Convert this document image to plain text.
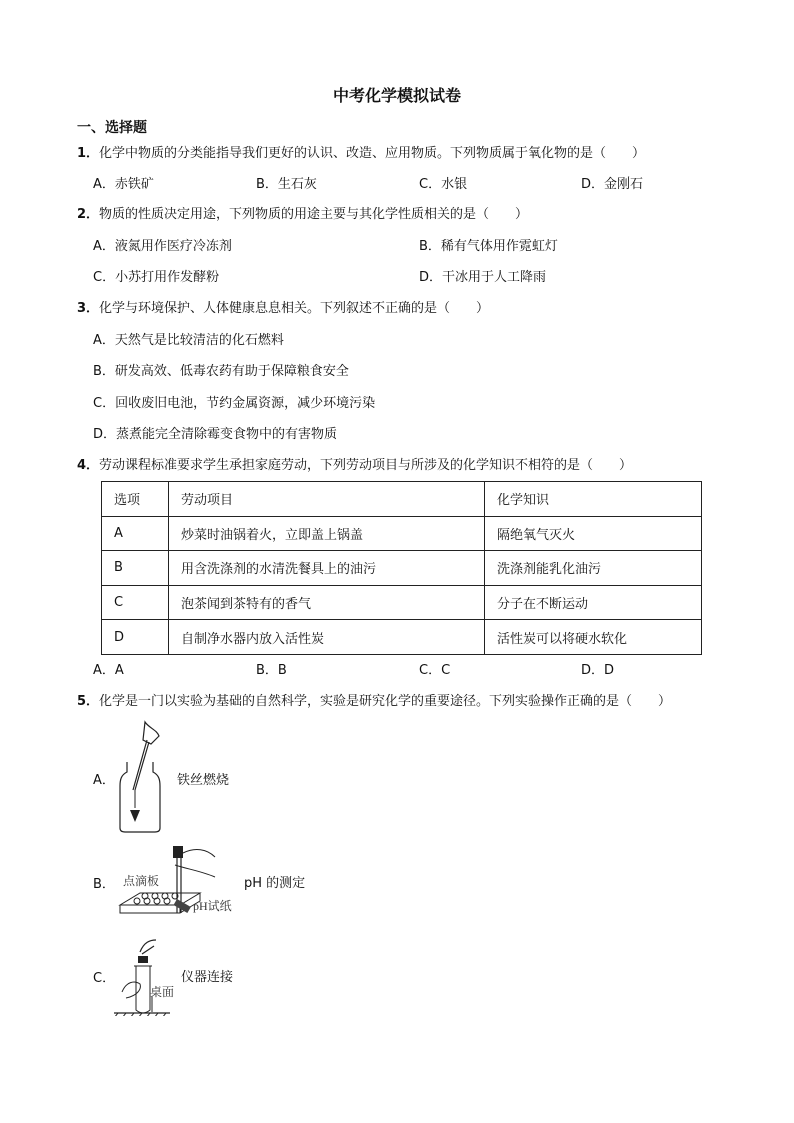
中考化学模拟试卷
一、选择题
1．化学中物质的分类能指导我们更好的认识、改造、应用物质。下列物质属于氧化物的是（　　）
A．赤铁矿	B．生石灰	C．水银	D．金刚石
2．物质的性质决定用途，下列物质的用途主要与其化学性质相关的是（　　）
A．液氮用作医疗冷冻剂	B．稀有气体用作霓虹灯
C．小苏打用作发酵粉	D．干冰用于人工降雨
3．化学与环境保护、人体健康息息相关。下列叙述不正确的是（　　）
A．天然气是比较清洁的化石燃料
B．研发高效、低毒农药有助于保障粮食安全
C．回收废旧电池，节约金属资源，减少环境污染
D．蒸煮能完全清除霉变食物中的有害物质
4．劳动课程标准要求学生承担家庭劳动，下列劳动项目与所涉及的化学知识不相符的是（　　）
选项	劳动项目	化学知识
A	炒菜时油锅着火，立即盖上锅盖	隔绝氧气灭火
B	用含洗涤剂的水清洗餐具上的油污	洗涤剂能乳化油污
C	泡茶闻到茶特有的香气	分子在不断运动
D	自制净水器内放入活性炭	活性炭可以将硬水软化
A．A	B．B	C．C	D．D
5．化学是一门以实验为基础的自然科学，实验是研究化学的重要途径。下列实验操作正确的是（　　）
A．	铁丝燃烧
B． 点滴板
pH试纸
pH 的测定
C．
桌面
仪器连接
